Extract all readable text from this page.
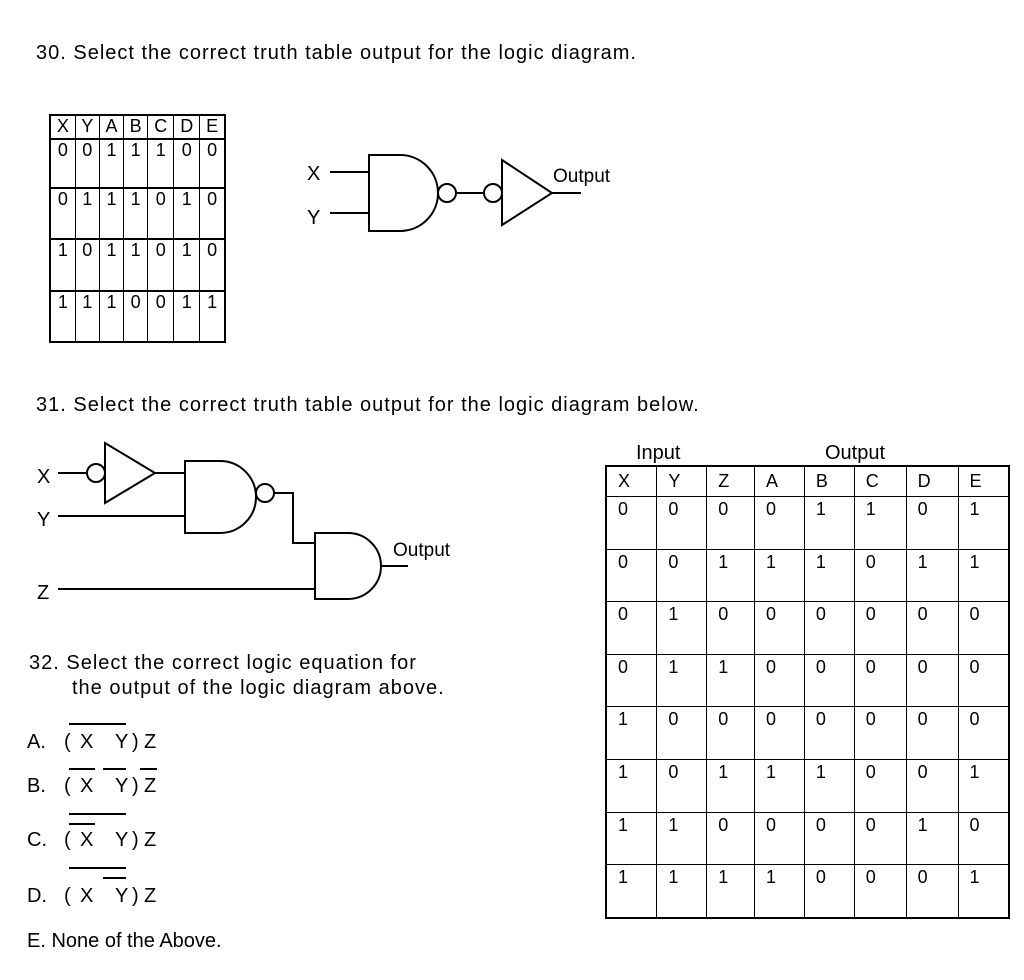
30. Select the correct truth table output for the logic diagram.
X	Y	A	B	C	D	E
0	0	1	1	1	0	0
0	1	1	1	0	1	0
1	0	1	1	0	1	0
1	1	1	0	0	1	1
X
Y
Output
31. Select the correct truth table output for the logic diagram below.
X
Y
Z
Output
Input	Output
X	Y	Z	A	B	C	D	E
0	0	0	0	1	1	0	1
0	0	1	1	1	0	1	1
0	1	0	0	0	0	0	0
0	1	1	0	0	0	0	0
1	0	0	0	0	0	0	0
1	0	1	1	1	0	0	1
1	1	0	0	0	0	1	0
1	1	1	1	0	0	0	1
32. Select the correct logic equation for
the output of the logic diagram above.
A. ( X Y ) Z
B. ( X Y ) Z
C. ( X Y ) Z
D. ( X Y ) Z
E. None of the Above.
